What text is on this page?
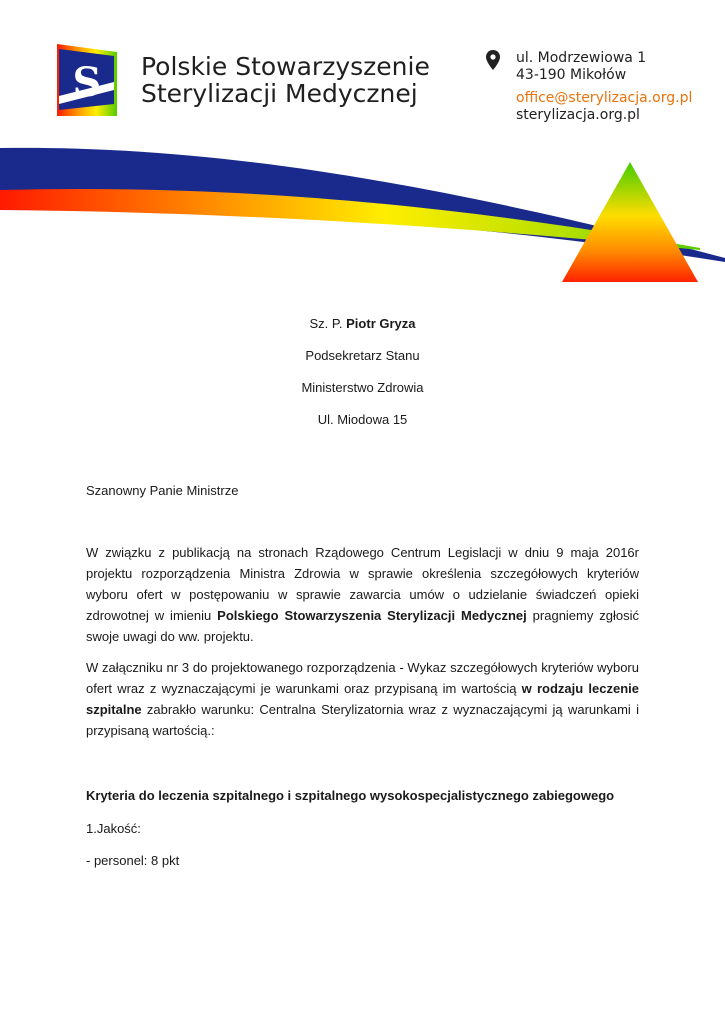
S Polskie Stowarzyszenie
Sterylizacji Medycznej
ul. Modrzewiowa 1
43-190 Mikołów
office@sterylizacja.org.pl
sterylizacja.org.pl
Sz. P. Piotr Gryza
Podsekretarz Stanu
Ministerstwo Zdrowia
Ul. Miodowa 15
Szanowny Panie Ministrze
W związku z publikacją na stronach Rządowego Centrum Legislacji w dniu 9 maja 2016r projektu rozporządzenia Ministra Zdrowia w sprawie określenia szczegółowych kryteriów wyboru ofert w postępowaniu w sprawie zawarcia umów o udzielanie świadczeń opieki zdrowotnej w imieniu Polskiego Stowarzyszenia Sterylizacji Medycznej pragniemy zgłosić swoje uwagi do ww. projektu.
W załączniku nr 3 do projektowanego rozporządzenia - Wykaz szczegółowych kryteriów wyboru ofert wraz z wyznaczającymi je warunkami oraz przypisaną im wartością w rodzaju leczenie szpitalne zabrakło warunku: Centralna Sterylizatornia wraz z wyznaczającymi ją warunkami i przypisaną wartością.:
Kryteria do leczenia szpitalnego i szpitalnego wysokospecjalistycznego zabiegowego
1.Jakość:
- personel: 8 pkt
